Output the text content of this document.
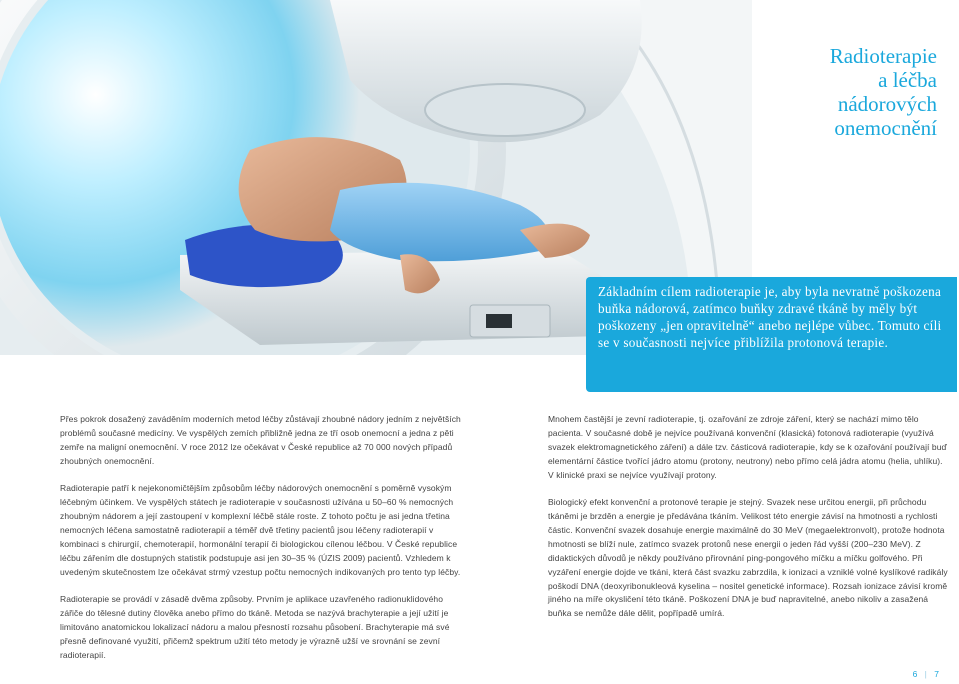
Radioterapie
a léčba
nádorových
onemocnění

Základním cílem radioterapie je, aby byla nevratně poškozena buňka nádorová, zatímco buňky zdravé tkáně by měly být poškozeny „jen opravitelně“ anebo nejlépe vůbec. Tomuto cíli se v současnosti nejvíce přiblížila protonová terapie.

Přes pokrok dosažený zaváděním moderních metod léčby zůstávají zhoubné nádory jedním z největších problémů současné medicíny. Ve vyspělých zemích přibližně jedna ze tří osob onemocní a jedna z pěti zemře na maligní onemocnění. V roce 2012 lze očekávat v České republice až 70 000 nových případů zhoubných onemocnění.

Radioterapie patří k nejekonomičtějším způsobům léčby nádorových onemocnění s poměrně vysokým léčebným účinkem. Ve vyspělých státech je radioterapie v současnosti užívána u 50–60 % nemocných zhoubným nádorem a její zastoupení v komplexní léčbě stále roste. Z tohoto počtu je asi jedna třetina nemocných léčena samostatně radioterapií a téměř dvě třetiny pacientů jsou léčeny radioterapií v kombinaci s chirurgií, chemoterapií, hormonální terapií či biologickou cílenou léčbou. V České republice léčbu zářením dle dostupných statistik podstupuje asi jen 30–35 % (ÚZIS 2009) pacientů. Vzhledem k uvedeným skutečnostem lze očekávat strmý vzestup počtu nemocných indikovaných pro tento typ léčby.

Radioterapie se provádí v zásadě dvěma způsoby. Prvním je aplikace uzavřeného radionuklidového zářiče do tělesné dutiny člověka anebo přímo do tkáně. Metoda se nazývá brachyterapie a její užití je limitováno anatomickou lokalizací nádoru a malou přesností rozsahu působení. Brachyterapie má své přesně definované využití, přičemž spektrum užití této metody je výrazně užší ve srovnání se zevní radioterapií.

Mnohem častější je zevní radioterapie, tj. ozařování ze zdroje záření, který se nachází mimo tělo pacienta. V současné době je nejvíce používaná konvenční (klasická) fotonová radioterapie (využívá svazek elektromagnetického záření) a dále tzv. částicová radioterapie, kdy se k ozařování používají buď elementární částice tvořící jádro atomu (protony, neutrony) nebo přímo celá jádra atomu (helia, uhlíku). V klinické praxi se nejvíce využívají protony.

Biologický efekt konvenční a protonové terapie je stejný. Svazek nese určitou energii, při průchodu tkáněmi je brzděn a energie je předávána tkáním. Velikost této energie závisí na hmotnosti a rychlosti částic. Konvenční svazek dosahuje energie maximálně do 30 MeV (megaelektronvolt), protože hodnota hmotnosti se blíží nule, zatímco svazek protonů nese energii o jeden řád vyšší (200–230 MeV). Z didaktických důvodů je někdy používáno přirovnání ping-pongového míčku a míčku golfového. Při vyzáření energie dojde ve tkáni, která část svazku zabrzdila, k ionizaci a vzniklé volné kyslíkové radikály poškodí DNA (deoxyribonukleová kyselina – nositel genetické informace). Rozsah ionizace závisí kromě jiného na míře okysličení této tkáně. Poškození DNA je buď napravitelné, anebo nikoliv a zasažená buňka se nemůže dále dělit, popřípadě umírá.

6 | 7
